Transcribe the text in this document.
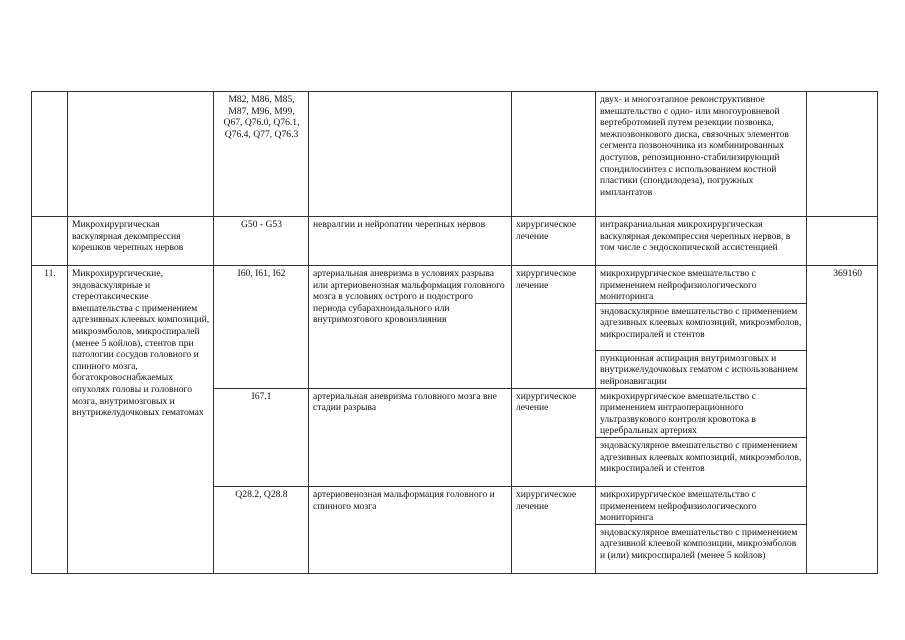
		M82, M86, M85, M87, M96, M99, Q67, Q76.0, Q76.1, Q76.4, Q77, Q76.3			двух- и многоэтапное реконструктивное вмешательство с одно- или многоуровневой вертебротомией путем резекции позвонка, межпозвонкового диска, связочных элементов сегмента позвоночника из комбинированных доступов, репозиционно-стабилизирующий спондилосинтез с использованием костной пластики (спондилодеза), погружных имплантатов	
	Микрохирургическая васкулярная декомпрессия корешков черепных нервов	G50 - G53	невралгии и нейропатии черепных нервов	хирургическое лечение	интракраниальная микрохирургическая васкулярная декомпрессия черепных нервов, в том числе с эндоскопической ассистенцией	
11.	Микрохирургические, эндоваскулярные и стереотаксические вмешательства с применением адгезивных клеевых композиций, микроэмболов, микроспиралей (менее 5 койлов), стентов при патологии сосудов головного и спинного мозга, богатокровоснабжаемых опухолях головы и головного мозга, внутримозговых и внутрижелудочковых гематомах	I60, I61, I62	артериальная аневризма в условиях разрыва или артериовенозная мальформация головного мозга в условиях острого и подострого периода субарахноидального или внутримозгового кровоизлияния	хирургическое лечение	микрохирургическое вмешательство с применением нейрофизиологического мониторинга	369160
					эндоваскулярное вмешательство с применением адгезивных клеевых композиций, микроэмболов, микроспиралей и стентов	
					пункционная аспирация внутримозговых и внутрижелудочковых гематом с использованием нейронавигации	
		I67.1	артериальная аневризма головного мозга вне стадии разрыва	хирургическое лечение	микрохирургическое вмешательство с применением интраоперационного ультразвукового контроля кровотока в церебральных артериях	
					эндоваскулярное вмешательство с применением адгезивных клеевых композиций, микроэмболов, микроспиралей и стентов	
		Q28.2, Q28.8	артериовенозная мальформация головного и спинного мозга	хирургическое лечение	микрохирургическое вмешательство с применением нейрофизиологического мониторинга	
					эндоваскулярное вмешательство с применением адгезивной клеевой композиции, микроэмболов и (или) микроспиралей (менее 5 койлов)	
